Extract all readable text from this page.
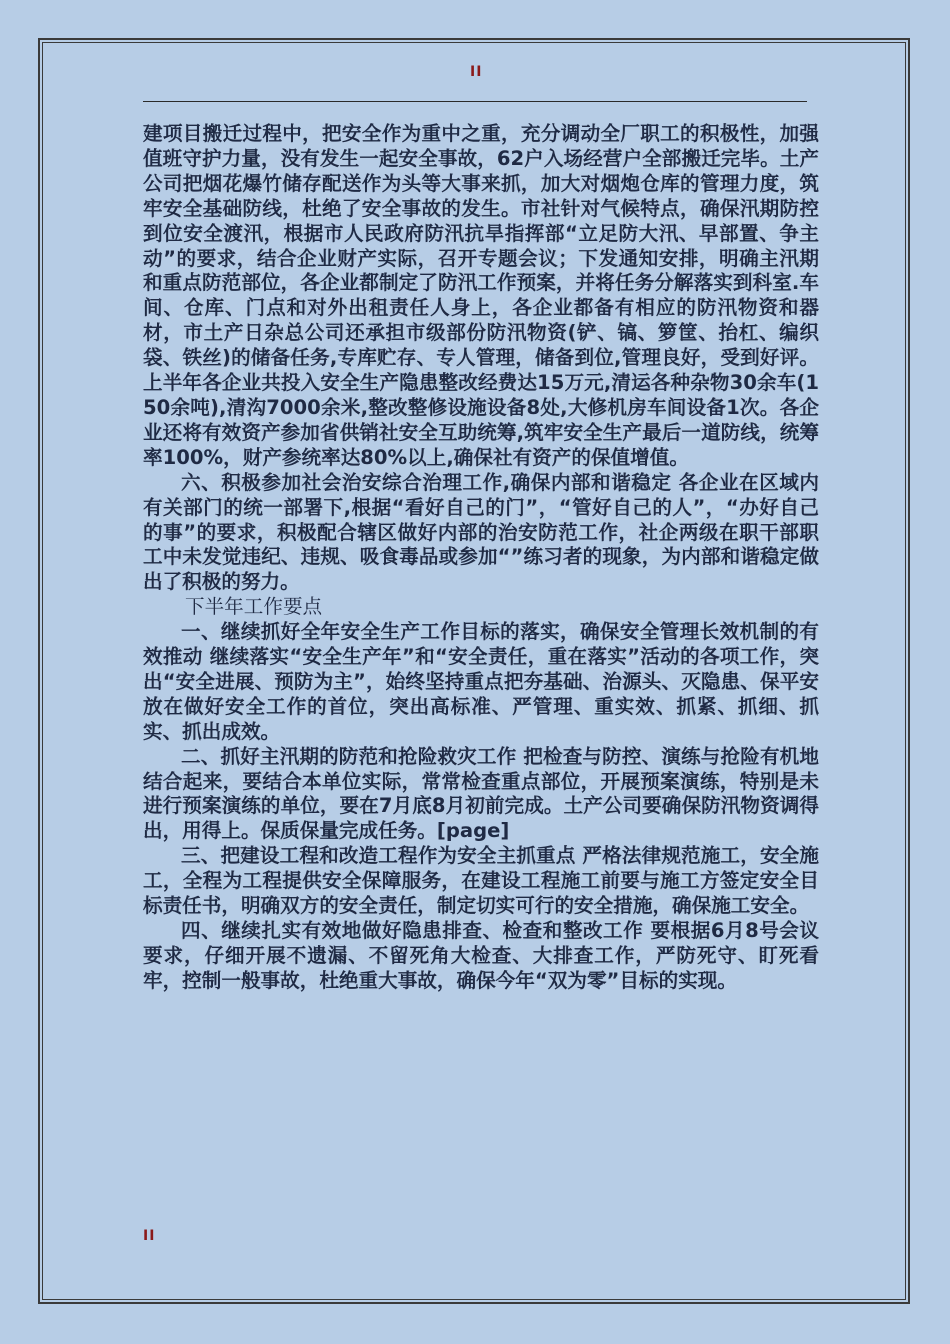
II

建项目搬迁过程中，把安全作为重中之重，充分调动全厂职工的积极性，加强值班守护力量，没有发生一起安全事故，62户入场经营户全部搬迁完毕。土产公司把烟花爆竹储存配送作为头等大事来抓，加大对烟炮仓库的管理力度，筑牢安全基础防线，杜绝了安全事故的发生。市社针对气候特点，确保汛期防控到位安全渡汛，根据市人民政府防汛抗旱指挥部“立足防大汛、早部置、争主动”的要求，结合企业财产实际，召开专题会议；下发通知安排，明确主汛期和重点防范部位，各企业都制定了防汛工作预案，并将任务分解落实到科室.车间、仓库、门点和对外出租责任人身上，各企业都备有相应的防汛物资和器材，市土产日杂总公司还承担市级部份防汛物资(铲、镐、箩筐、抬杠、编织袋、铁丝)的储备任务,专库贮存、专人管理，储备到位,管理良好，受到好评。上半年各企业共投入安全生产隐患整改经费达15万元,清运各种杂物30余车(150余吨),清沟7000余米,整改整修设施设备8处,大修机房车间设备1次。各企业还将有效资产参加省供销社安全互助统筹,筑牢安全生产最后一道防线，统筹率100%，财产参统率达80%以上,确保社有资产的保值增值。

六、积极参加社会治安综合治理工作,确保内部和谐稳定 各企业在区域内有关部门的统一部署下,根据“看好自己的门”，“管好自己的人”，“办好自己的事”的要求，积极配合辖区做好内部的治安防范工作，社企两级在职干部职工中未发觉违纪、违规、吸食毒品或参加“”练习者的现象，为内部和谐稳定做出了积极的努力。

下半年工作要点

一、继续抓好全年安全生产工作目标的落实，确保安全管理长效机制的有效推动 继续落实“安全生产年”和“安全责任，重在落实”活动的各项工作，突出“安全进展、预防为主”，始终坚持重点把夯基础、治源头、灭隐患、保平安放在做好安全工作的首位，突出高标准、严管理、重实效、抓紧、抓细、抓实、抓出成效。

二、抓好主汛期的防范和抢险救灾工作 把检查与防控、演练与抢险有机地结合起来，要结合本单位实际，常常检查重点部位，开展预案演练，特别是未进行预案演练的单位，要在7月底8月初前完成。土产公司要确保防汛物资调得出，用得上。保质保量完成任务。[page]

三、把建设工程和改造工程作为安全主抓重点 严格法律规范施工，安全施工，全程为工程提供安全保障服务，在建设工程施工前要与施工方签定安全目标责任书，明确双方的安全责任，制定切实可行的安全措施，确保施工安全。

四、继续扎实有效地做好隐患排查、检查和整改工作 要根据6月8号会议要求，仔细开展不遗漏、不留死角大检查、大排查工作，严防死守、盯死看牢，控制一般事故，杜绝重大事故，确保今年“双为零”目标的实现。

II
